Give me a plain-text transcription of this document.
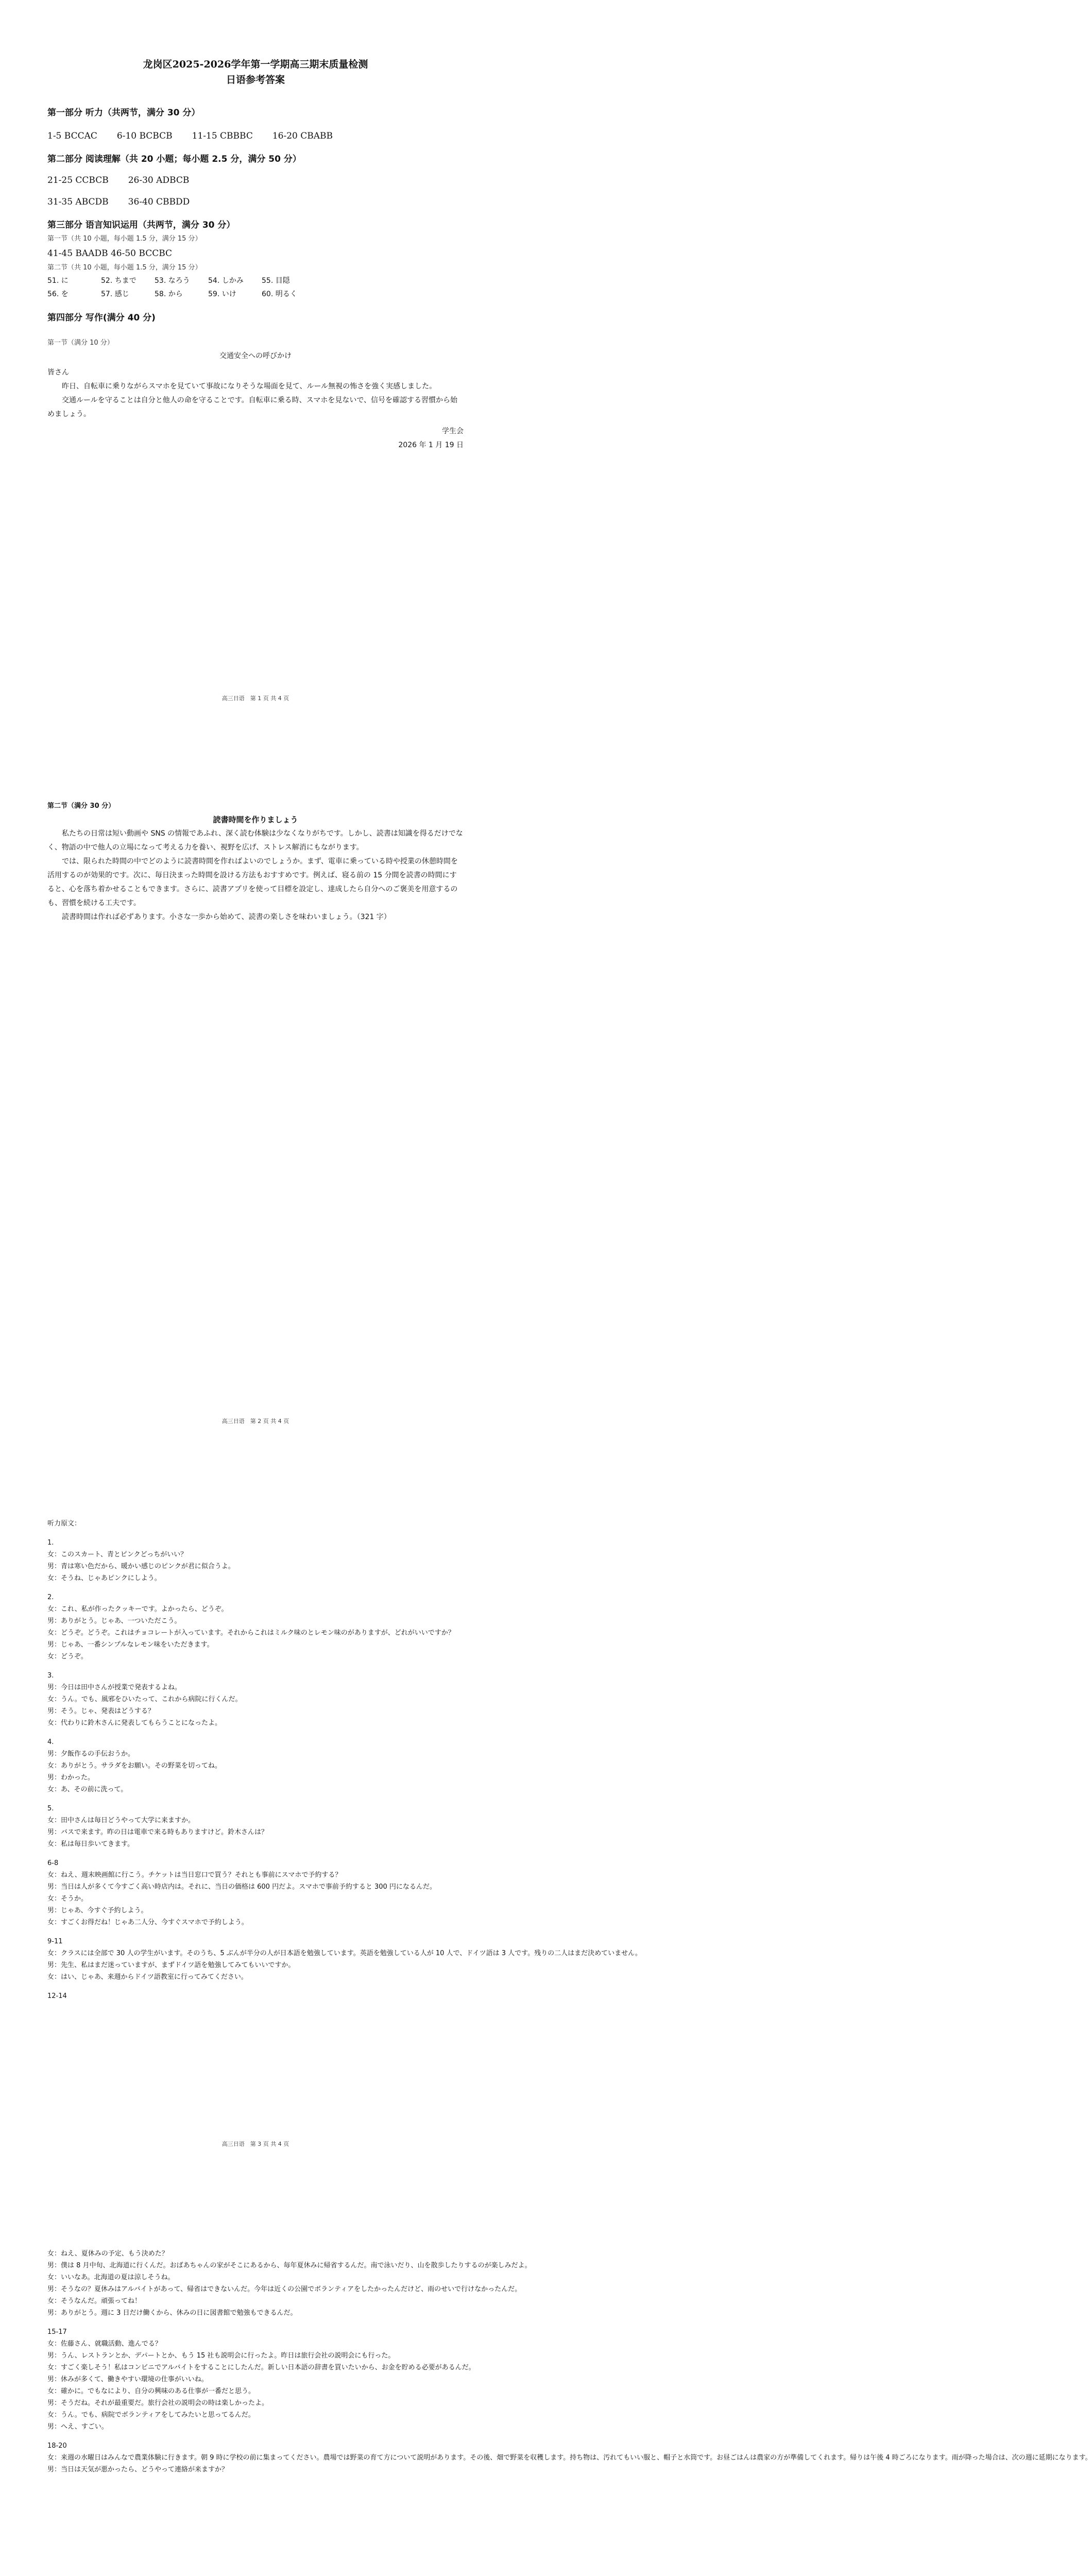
龙岗区2025-2026学年第一学期高三期末质量检测
日语参考答案
第一部分 听力（共两节，满分 30 分）
1-5 BCCAC 6-10 BCBCB 11-15 CBBBC 16-20 CBABB
第二部分 阅读理解（共 20 小题；每小题 2.5 分，满分 50 分）
21-25 CCBCB 26-30 ADBCB
31-35 ABCDB 36-40 CBBDD
第三部分 语言知识运用（共两节，满分 30 分）
第一节（共 10 小题，每小题 1.5 分，满分 15 分）
41-45 BAADB 46-50 BCCBC
第二节（共 10 小题，每小题 1.5 分，满分 15 分）
51. に	52. ちまで	53. なろう	54. しかみ	55. 目隠
56. を	57. 感じ	58. から	59. いけ	60. 明るく
第四部分 写作(满分 40 分)
第一节（满分 10 分）
交通安全への呼びかけ
皆さん

昨日、自転車に乗りながらスマホを見ていて事故になりそうな場面を見て、ルール無視の怖さを強く実感しました。

交通ルールを守ることは自分と他人の命を守ることです。自転車に乗る時、スマホを見ないで、信号を確認する習慣から始めましょう。

学生会
2026 年 1 月 19 日
高三日语　第 1 页 共 4 页
第二节（满分 30 分）
読書時間を作りましょう

私たちの日常は短い動画や SNS の情報であふれ、深く読む体験は少なくなりがちです。しかし、読書は知識を得るだけでなく、物語の中で他人の立場になって考える力を養い、視野を広げ、ストレス解消にもながります。

では、限られた時間の中でどのように読書時間を作ればよいのでしょうか。まず、電車に乗っている時や授業の休憩時間を活用するのが効果的です。次に、毎日決まった時間を設ける方法もおすすめです。例えば、寝る前の 15 分間を読書の時間にすると、心を落ち着かせることもできます。さらに、読書アプリを使って目標を設定し、達成したら自分へのご褒美を用意するのも、習慣を続ける工夫です。

読書時間は作れば必ずあります。小さな一歩から始めて、読書の楽しさを味わいましょう。（321 字）

高三日语　第 2 页 共 4 页
听力原文：
1.
女：このスカート、青とピンクどっちがいい？
男：青は寒い色だから、暖かい感じのピンクが君に似合うよ。
女：そうね、じゃあピンクにしよう。
2.
女：これ、私が作ったクッキーです。よかったら、どうぞ。
男：ありがとう。じゃあ、一ついただこう。
女：どうぞ。どうぞ。これはチョコレートが入っています。それからこれはミルク味のとレモン味のがありますが、どれがいいですか？
男：じゃあ、一番シンプルなレモン味をいただきます。
女：どうぞ。
3.
男：今日は田中さんが授業で発表するよね。
女：うん。でも、風邪をひいたって、これから病院に行くんだ。
男：そう。じゃ、発表はどうする？
女：代わりに鈴木さんに発表してもらうことになったよ。
4.
男：夕飯作るの手伝おうか。
女：ありがとう。サラダをお願い。その野菜を切ってね。
男：わかった。
女：あ、その前に洗って。
5.
女：田中さんは毎日どうやって大学に来ますか。
男：バスで来ます。昨の日は電車で来る時もありますけど。鈴木さんは？
女：私は毎日歩いてきます。
6-8
女：ねえ、週末映画館に行こう。チケットは当日窓口で買う？それとも事前にスマホで予約する？
男：当日は人が多くて今すごく高い時店内は。それに、当日の価格は 600 円だよ。スマホで事前予約すると 300 円になるんだ。
女：そうか。
男：じゃあ、今すぐ予約しよう。
女：すごくお得だね！じゃあ二人分、今すぐスマホで予約しよう。
9-11
女：クラスには全部で 30 人の学生がいます。そのうち、5 ぶんが半分の人が日本語を勉強しています。英語を勉強している人が 10 人で、ドイツ語は 3 人です。残りの二人はまだ決めていません。
男：先生、私はまだ迷っていますが、まずドイツ語を勉強してみてもいいですか。
女：はい、じゃあ、来週からドイツ語教室に行ってみてください。
12-14
高三日语　第 3 页 共 4 页
女：ねえ、夏休みの予定、もう決めた？
男：僕は 8 月中旬、北海道に行くんだ。おばあちゃんの家がそこにあるから、毎年夏休みに帰省するんだ。南で泳いだり、山を散歩したりするのが楽しみだよ。
女：いいなあ。北海道の夏は涼しそうね。
男：そうなの？夏休みはアルバイトがあって、帰省はできないんだ。今年は近くの公園でボランティアをしたかったんだけど、雨のせいで行けなかったんだ。
女：そうなんだ。頑張ってね！
男：ありがとう。週に 3 日だけ働くから、休みの日に図書館で勉強もできるんだ。
15-17
女：佐藤さん、就職活動、進んでる？
男：うん、レストランとか、デパートとか、もう 15 社も説明会に行ったよ。昨日は旅行会社の説明会にも行った。
女：すごく楽しそう！私はコンビニでアルバイトをすることにしたんだ。新しい日本語の辞書を買いたいから、お金を貯める必要があるんだ。
男：休みが多くて、働きやすい環境の仕事がいいね。
女：確かに。でもなにより、自分の興味のある仕事が一番だと思う。
男：そうだね。それが最重要だ。旅行会社の説明会の時は楽しかったよ。
女：うん。でも、病院でボランティアをしてみたいと思ってるんだ。
男：へえ、すごい。
18-20
女：来週の水曜日はみんなで農業体験に行きます。朝 9 時に学校の前に集まってください。農場では野菜の育て方について説明があります。その後、畑で野菜を収穫します。持ち物は、汚れてもいい服と、帽子と水筒です。お昼ごはんは農家の方が準備してくれます。帰りは午後 4 時ごろになります。雨が降った場合は、次の週に延期になります。
男：当日は天気が悪かったら、どうやって連絡が来ますか？
